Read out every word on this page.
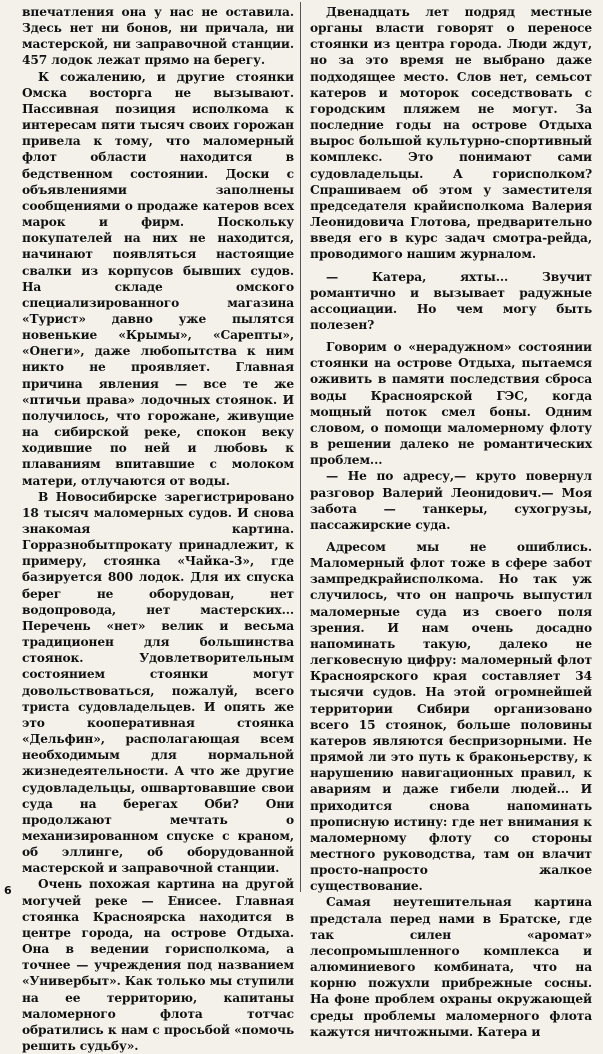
впечатления она у нас не оставила. Здесь нет ни бонов, ни причала, ни мастерской, ни заправочной станции. 457 лодок лежат прямо на берегу.

К сожалению, и другие стоянки Омска восторга не вызывают. Пассивная позиция исполкома к интересам пяти тысяч своих горожан привела к тому, что маломерный флот области находится в бедственном состоянии. Доски с объявлениями заполнены сообщениями о продаже катеров всех марок и фирм. Поскольку покупателей на них не находится, начинают появляться настоящие свалки из корпусов бывших судов. На складе омского специализированного магазина «Турист» давно уже пылятся новенькие «Крымы», «Сарепты», «Онеги», даже любопытства к ним никто не проявляет. Главная причина явления — все те же «птичьи права» лодочных стоянок. И получилось, что горожане, живущие на сибирской реке, спокон веку ходившие по ней и любовь к плаваниям впитавшие с молоком матери, отлучаются от воды.

В Новосибирске зарегистрировано 18 тысяч маломерных судов. И снова знакомая картина. Горрaзнобытпрокату принадлежит, к примеру, стоянка «Чайка-3», где базируется 800 лодок. Для их спуска берег не оборудован, нет водопровода, нет мастерских... Перечень «нет» велик и весьма традиционен для большинства стоянок. Удовлетворительным состоянием стоянки могут довольствоваться, пожалуй, всего триста судовладельцев. И опять же это кооперативная стоянка «Дельфин», располагающая всем необходимым для нормальной жизнедеятельности. А что же другие судовладельцы, ошвартовавшие свои суда на берегах Оби? Они продолжают мечтать о механизированном спуске с краном, об эллинге, об оборудованной мастерской и заправочной станции.

Очень похожая картина на другой могучей реке — Енисее. Главная стоянка Красноярска находится в центре города, на острове Отдыха. Она в ведении горисполкома, а точнее — учреждения под названием «Универбыт». Как только мы ступили на ее территорию, капитаны маломерного флота тотчас обратились к нам с просьбой «помочь решить судьбу».

Двенадцать лет подряд местные органы власти говорят о переносе стоянки из центра города. Люди ждут, но за это время не выбрано даже подходящее место. Слов нет, семьсот катеров и моторок соседствовать с городским пляжем не могут. За последние годы на острове Отдыха вырос большой культурно-спортивный комплекс. Это понимают сами судовладельцы. А горисполком? Спрашиваем об этом у заместителя председателя крайисполкома Валерия Леонидовича Глотова, предварительно введя его в курс задач смотра-рейда, проводимого нашим журналом.

— Катера, яхты... Звучит романтично и вызывает радужные ассоциации. Но чем могу быть полезен?

Говорим о «нерадужном» состоянии стоянки на острове Отдыха, пытаемся оживить в памяти последствия сброса воды Красноярской ГЭС, когда мощный поток смел боны. Одним словом, о помощи маломерному флоту в решении далеко не романтических проблем...

— Не по адресу,— круто повернул разговор Валерий Леонидович.— Моя забота — танкеры, сухогрузы, пассажирские суда.

Адресом мы не ошиблись. Маломерный флот тоже в сфере забот зампредкрайисполкома. Но так уж случилось, что он напрочь выпустил маломерные суда из своего поля зрения. И нам очень досадно напоминать такую, далеко не легковесную цифру: маломерный флот Красноярского края составляет 34 тысячи судов. На этой огромнейшей территории Сибири организовано всего 15 стоянок, больше половины катеров являются беспризорными. Не прямой ли это путь к браконьерству, к нарушению навигационных правил, к авариям и даже гибели людей... И приходится снова напоминать прописную истину: где нет внимания к маломерному флоту со стороны местного руководства, там он влачит просто-напросто жалкое существование.

Самая неутешительная картина предстала перед нами в Братске, где так силен «аромат» лесопромышленного комплекса и алюминиевого комбината, что на корню пожухли прибрежные сосны. На фоне проблем охраны окружающей среды проблемы маломерного флота кажутся ничтожными. Катера и

6
